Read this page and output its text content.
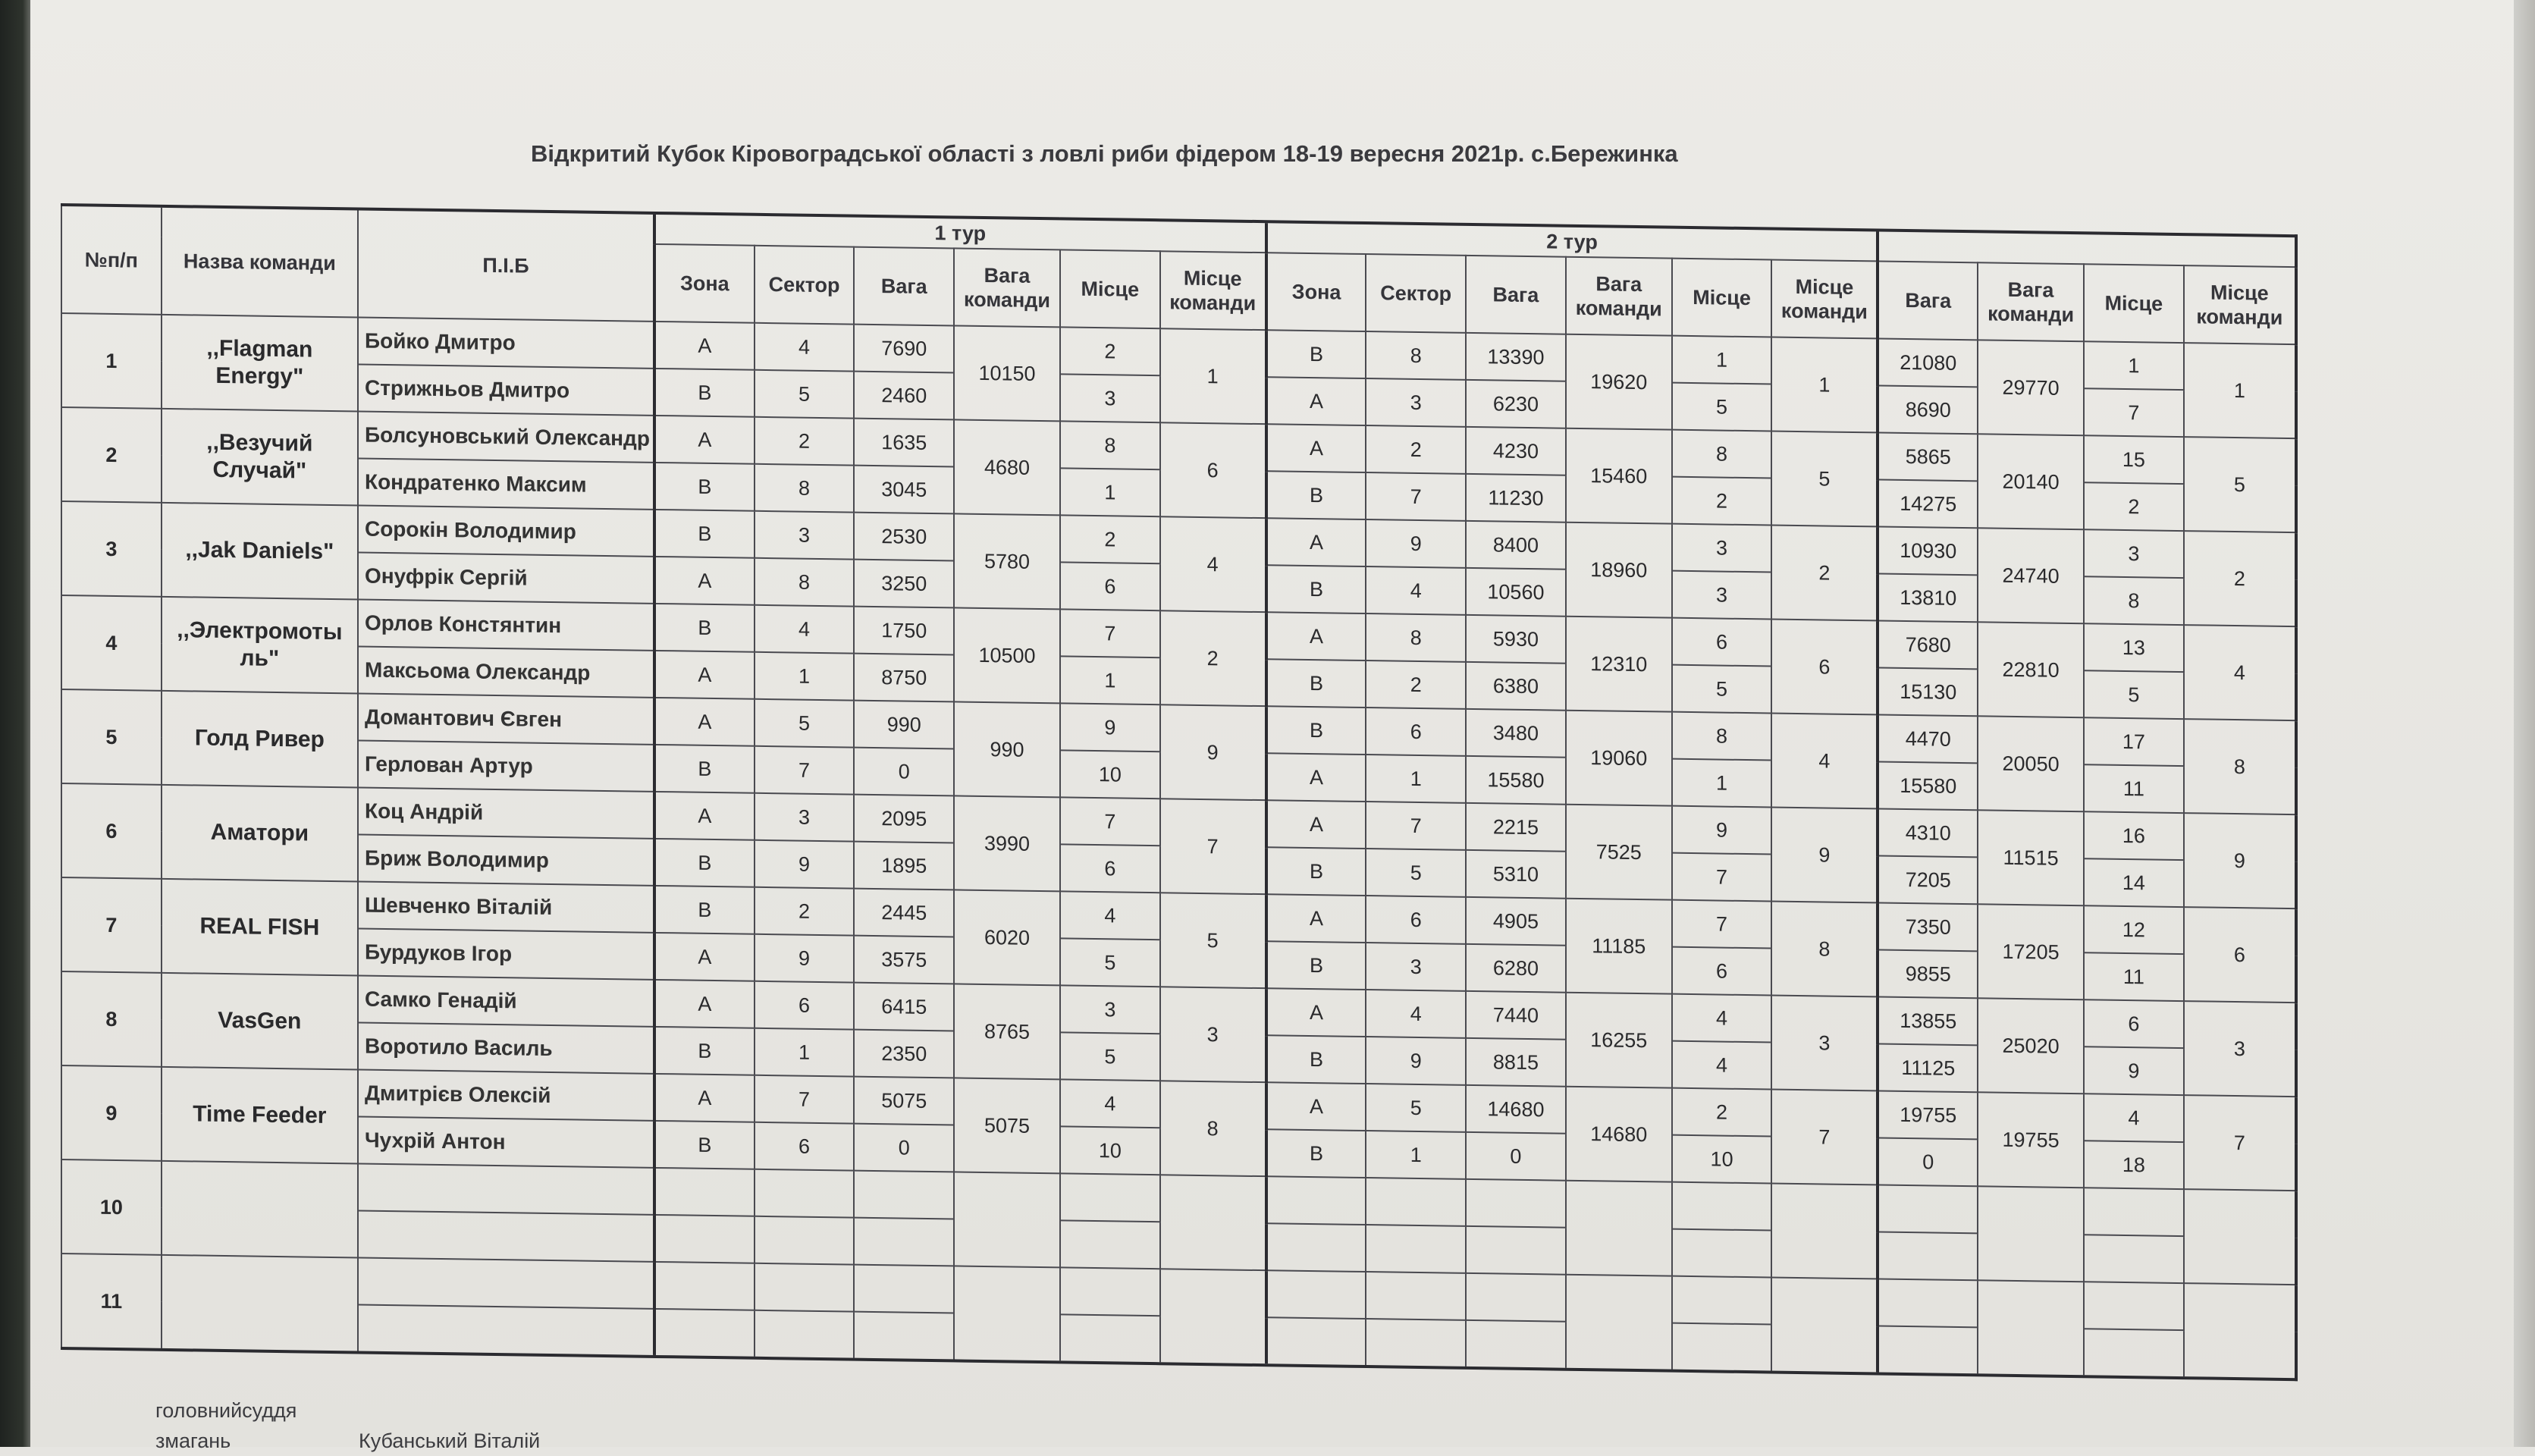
Відкритий Кубок Кіровоградської області з ловлі риби фідером 18-19 вересня 2021р. с.Бережинка
№п/п	Назва команди	П.І.Б	1 тур						2 тур									
			Зона	Сектор	Вага	Вага команди	Місце	Місце команди	Зона	Сектор	Вага	Вага команди	Місце	Місце команди	Вага	Вага команди	Місце	Місце команди
1	,,Flagman Energy"	Бойко Дмитро	A	4	7690	10150	2	1	B	8	13390	19620	1	1	21080	29770	1	1
		Стрижньов Дмитро	B	5	2460		3		A	3	6230		5		8690		7	
2	,,Везучий Случай"	Болсуновський Олександр	A	2	1635	4680	8	6	A	2	4230	15460	8	5	5865	20140	15	5
		Кондратенко Максим	B	8	3045		1		B	7	11230		2		14275		2	
3	,,Jak Daniels"	Сорокін Володимир	B	3	2530	5780	2	4	A	9	8400	18960	3	2	10930	24740	3	2
		Онуфрік Сергій	A	8	3250		6		B	4	10560		3		13810		8	
4	,,Электромоты ль"	Орлов Констянтин	B	4	1750	10500	7	2	A	8	5930	12310	6	6	7680	22810	13	4
		Максьома Олександр	A	1	8750		1		B	2	6380		5		15130		5	
5	Голд Ривер	Домантович Євген	A	5	990	990	9	9	B	6	3480	19060	8	4	4470	20050	17	8
		Герлован Артур	B	7	0		10		A	1	15580		1		15580		11	
6	Аматори	Коц Андрій	A	3	2095	3990	7	7	A	7	2215	7525	9	9	4310	11515	16	9
		Бриж Володимир	B	9	1895		6		B	5	5310		7		7205		14	
7	REAL FISH	Шевченко Віталій	B	2	2445	6020	4	5	A	6	4905	11185	7	8	7350	17205	12	6
		Бурдуков Ігор	A	9	3575		5		B	3	6280		6		9855		11	
8	VasGen	Самко Генадій	A	6	6415	8765	3	3	A	4	7440	16255	4	3	13855	25020	6	3
		Воротило Василь	B	1	2350		5		B	9	8815		4		11125		9	
9	Time Feeder	Дмитрієв Олексій	A	7	5075	5075	4	8	A	5	14680	14680	2	7	19755	19755	4	7
		Чухрій Антон	B	6	0		10		B	1	0		10		0		18	
10																		

11																		

головнийсуддя змагань	Кубанський Віталій
